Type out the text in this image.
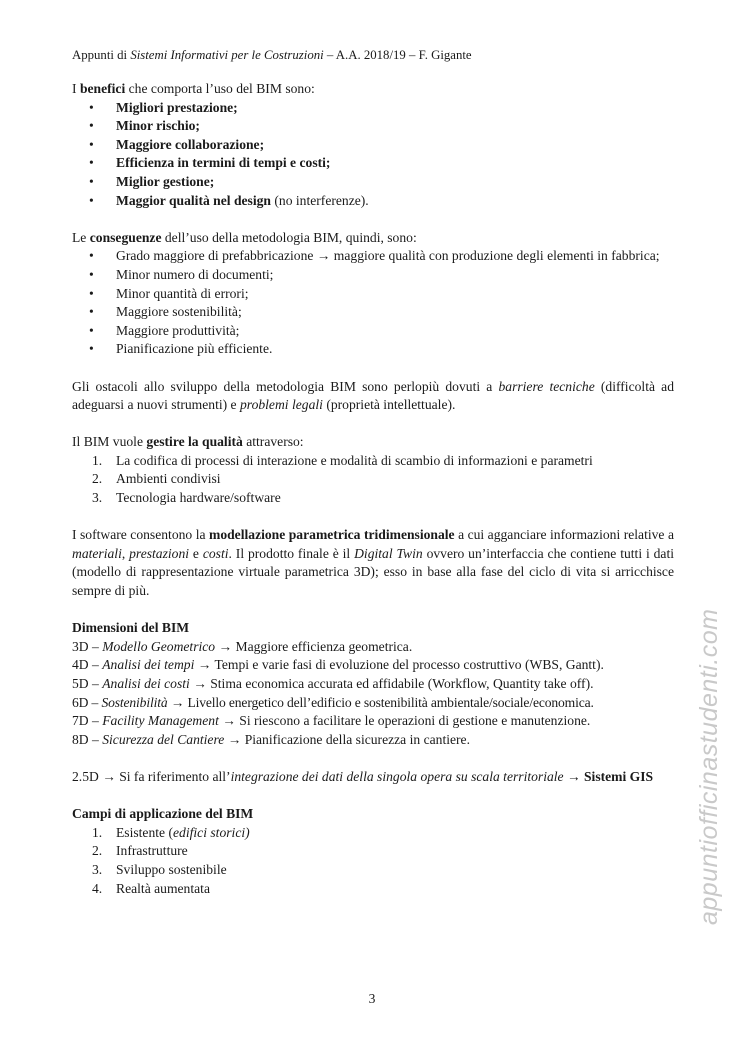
Appunti di Sistemi Informativi per le Costruzioni – A.A. 2018/19 – F. Gigante

I benefici che comporta l’uso del BIM sono:

• Migliori prestazione;
• Minor rischio;
• Maggiore collaborazione;
• Efficienza in termini di tempi e costi;
• Miglior gestione;
• Maggior qualità nel design (no interferenze).

Le conseguenze dell’uso della metodologia BIM, quindi, sono:

• Grado maggiore di prefabbricazione → maggiore qualità con produzione degli elementi in fabbrica;
• Minor numero di documenti;
• Minor quantità di errori;
• Maggiore sostenibilità;
• Maggiore produttività;
• Pianificazione più efficiente.

Gli ostacoli allo sviluppo della metodologia BIM sono perlopiù dovuti a barriere tecniche (difficoltà ad adeguarsi a nuovi strumenti) e problemi legali (proprietà intellettuale).

Il BIM vuole gestire la qualità attraverso:

1. La codifica di processi di interazione e modalità di scambio di informazioni e parametri
2. Ambienti condivisi
3. Tecnologia hardware/software

I software consentono la modellazione parametrica tridimensionale a cui agganciare informazioni relative a materiali, prestazioni e costi. Il prodotto finale è il Digital Twin ovvero un’interfaccia che contiene tutti i dati (modello di rappresentazione virtuale parametrica 3D); esso in base alla fase del ciclo di vita si arricchisce sempre di più.

Dimensioni del BIM

3D – Modello Geometrico → Maggiore efficienza geometrica.

4D – Analisi dei tempi → Tempi e varie fasi di evoluzione del processo costruttivo (WBS, Gantt).

5D – Analisi dei costi → Stima economica accurata ed affidabile (Workflow, Quantity take off).

6D – Sostenibilità → Livello energetico dell’edificio e sostenibilità ambientale/sociale/economica.

7D – Facility Management → Si riescono a facilitare le operazioni di gestione e manutenzione.

8D – Sicurezza del Cantiere → Pianificazione della sicurezza in cantiere.

2.5D → Si fa riferimento all’integrazione dei dati della singola opera su scala territoriale → Sistemi GIS

Campi di applicazione del BIM

1. Esistente (edifici storici)
2. Infrastrutture
3. Sviluppo sostenibile
4. Realtà aumentata	appuntiofficinastudenti.com
3
